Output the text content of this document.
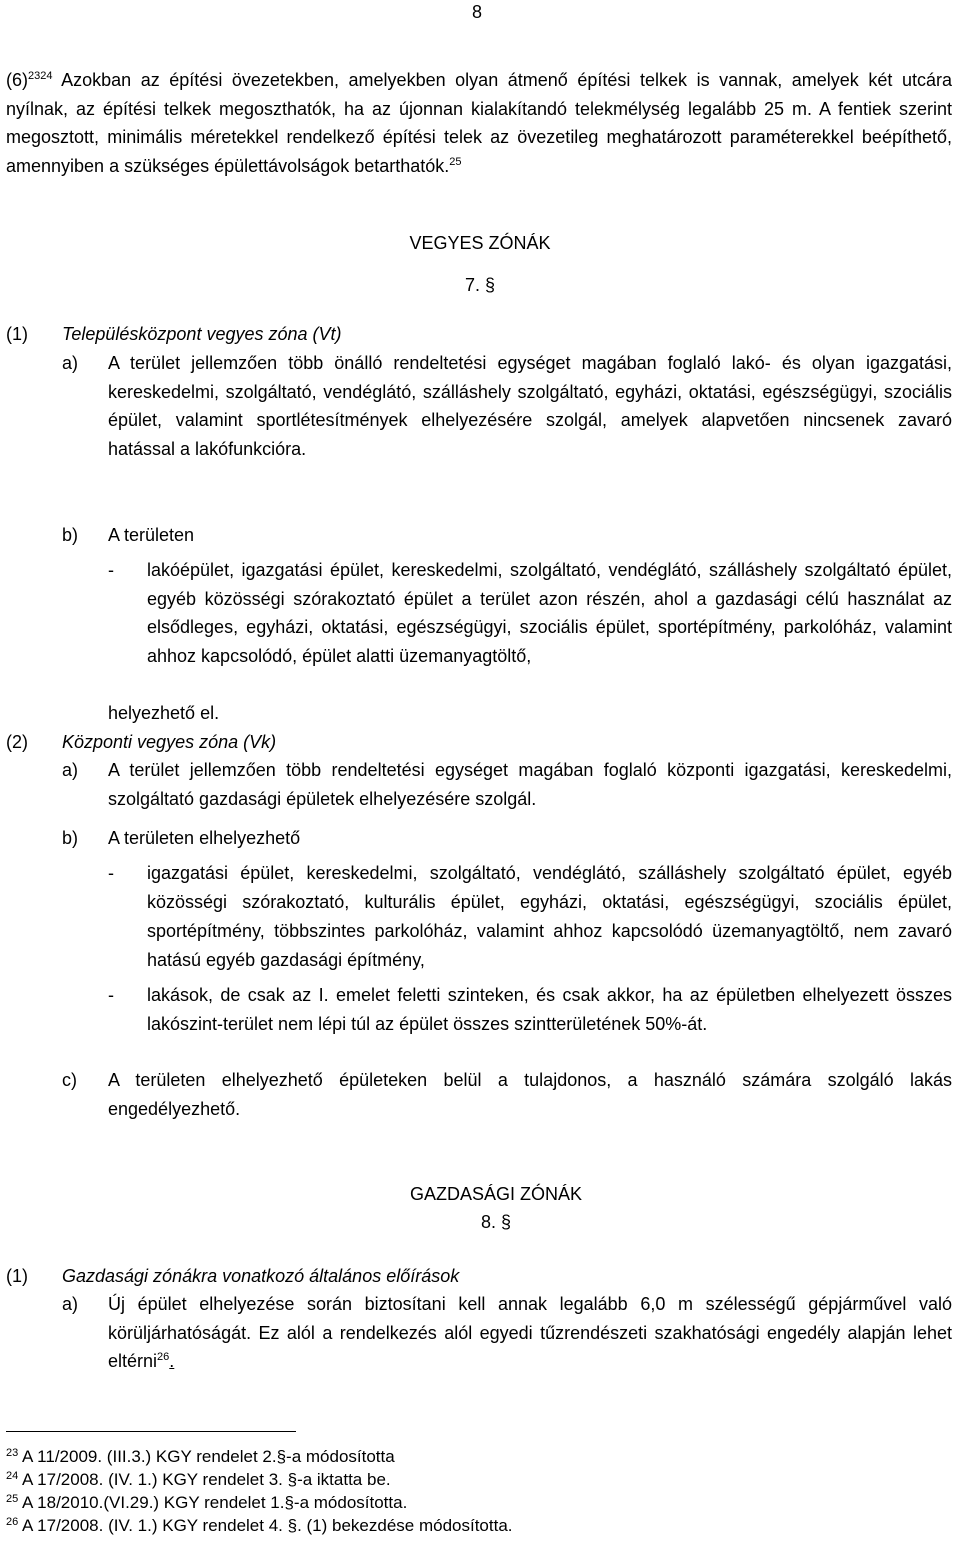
8
$(6)^{2324}$ Azokban az építési övezetekben, amelyekben olyan átmenő építési telkek is vannak, amelyek két utcára nyílnak, az építési telkek megoszthatók, ha az újonnan kialakítandó telekmélység legalább 25 m. A fentiek szerint megosztott, minimális méretekkel rendelkező építési telek az övezetileg meghatározott paraméterekkel beépíthető, amennyiben a szükséges épülettávolságok betarthatók.$^{25}$
VEGYES ZÓNÁK
7. §
(1) Településközpont vegyes zóna (Vt)
a) A terület jellemzően több önálló rendeltetési egységet magában foglaló lakó- és olyan igazgatási, kereskedelmi, szolgáltató, vendéglátó, szálláshely szolgáltató, egyházi, oktatási, egészségügyi, szociális épület, valamint sportlétesítmények elhelyezésére szolgál, amelyek alapvetően nincsenek zavaró hatással a lakófunkcióra.
b) A területen
- lakóépület, igazgatási épület, kereskedelmi, szolgáltató, vendéglátó, szálláshely szolgáltató épület, egyéb közösségi szórakoztató épület a terület azon részén, ahol a gazdasági célú használat az elsődleges, egyházi, oktatási, egészségügyi, szociális épület, sportépítmény, parkolóház, valamint ahhoz kapcsolódó, épület alatti üzemanyagtöltő,
helyezhető el.
(2) Központi vegyes zóna (Vk)
a) A terület jellemzően több rendeltetési egységet magában foglaló központi igazgatási, kereskedelmi, szolgáltató gazdasági épületek elhelyezésére szolgál.
b) A területen elhelyezhető
- igazgatási épület, kereskedelmi, szolgáltató, vendéglátó, szálláshely szolgáltató épület, egyéb közösségi szórakoztató, kulturális épület, egyházi, oktatási, egészségügyi, szociális épület, sportépítmény, többszintes parkolóház, valamint ahhoz kapcsolódó üzemanyagtöltő, nem zavaró hatású egyéb gazdasági építmény,
- lakások, de csak az I. emelet feletti szinteken, és csak akkor, ha az épületben elhelyezett összes lakószint-terület nem lépi túl az épület összes szintterületének 50%-át.
c) A területen elhelyezhető épületeken belül a tulajdonos, a használó számára szolgáló lakás engedélyezhető.
GAZDASÁGI ZÓNÁK
8. §
(1) Gazdasági zónákra vonatkozó általános előírások
a) Új épület elhelyezése során biztosítani kell annak legalább 6,0 m szélességű gépjárművel való körüljárhatóságát. Ez alól a rendelkezés alól egyedi tűzrendészeti szakhatósági engedély alapján lehet eltérni$^{26}$.
$^{23}$ A 11/2009. (III.3.) KGY rendelet 2.§-a módosította
$^{24}$ A 17/2008. (IV. 1.) KGY rendelet 3. §-a iktatta be.
$^{25}$ A 18/2010.(VI.29.) KGY rendelet 1.§-a módosította.
$^{26}$ A 17/2008. (IV. 1.) KGY rendelet 4. §. (1) bekezdése módosította.
